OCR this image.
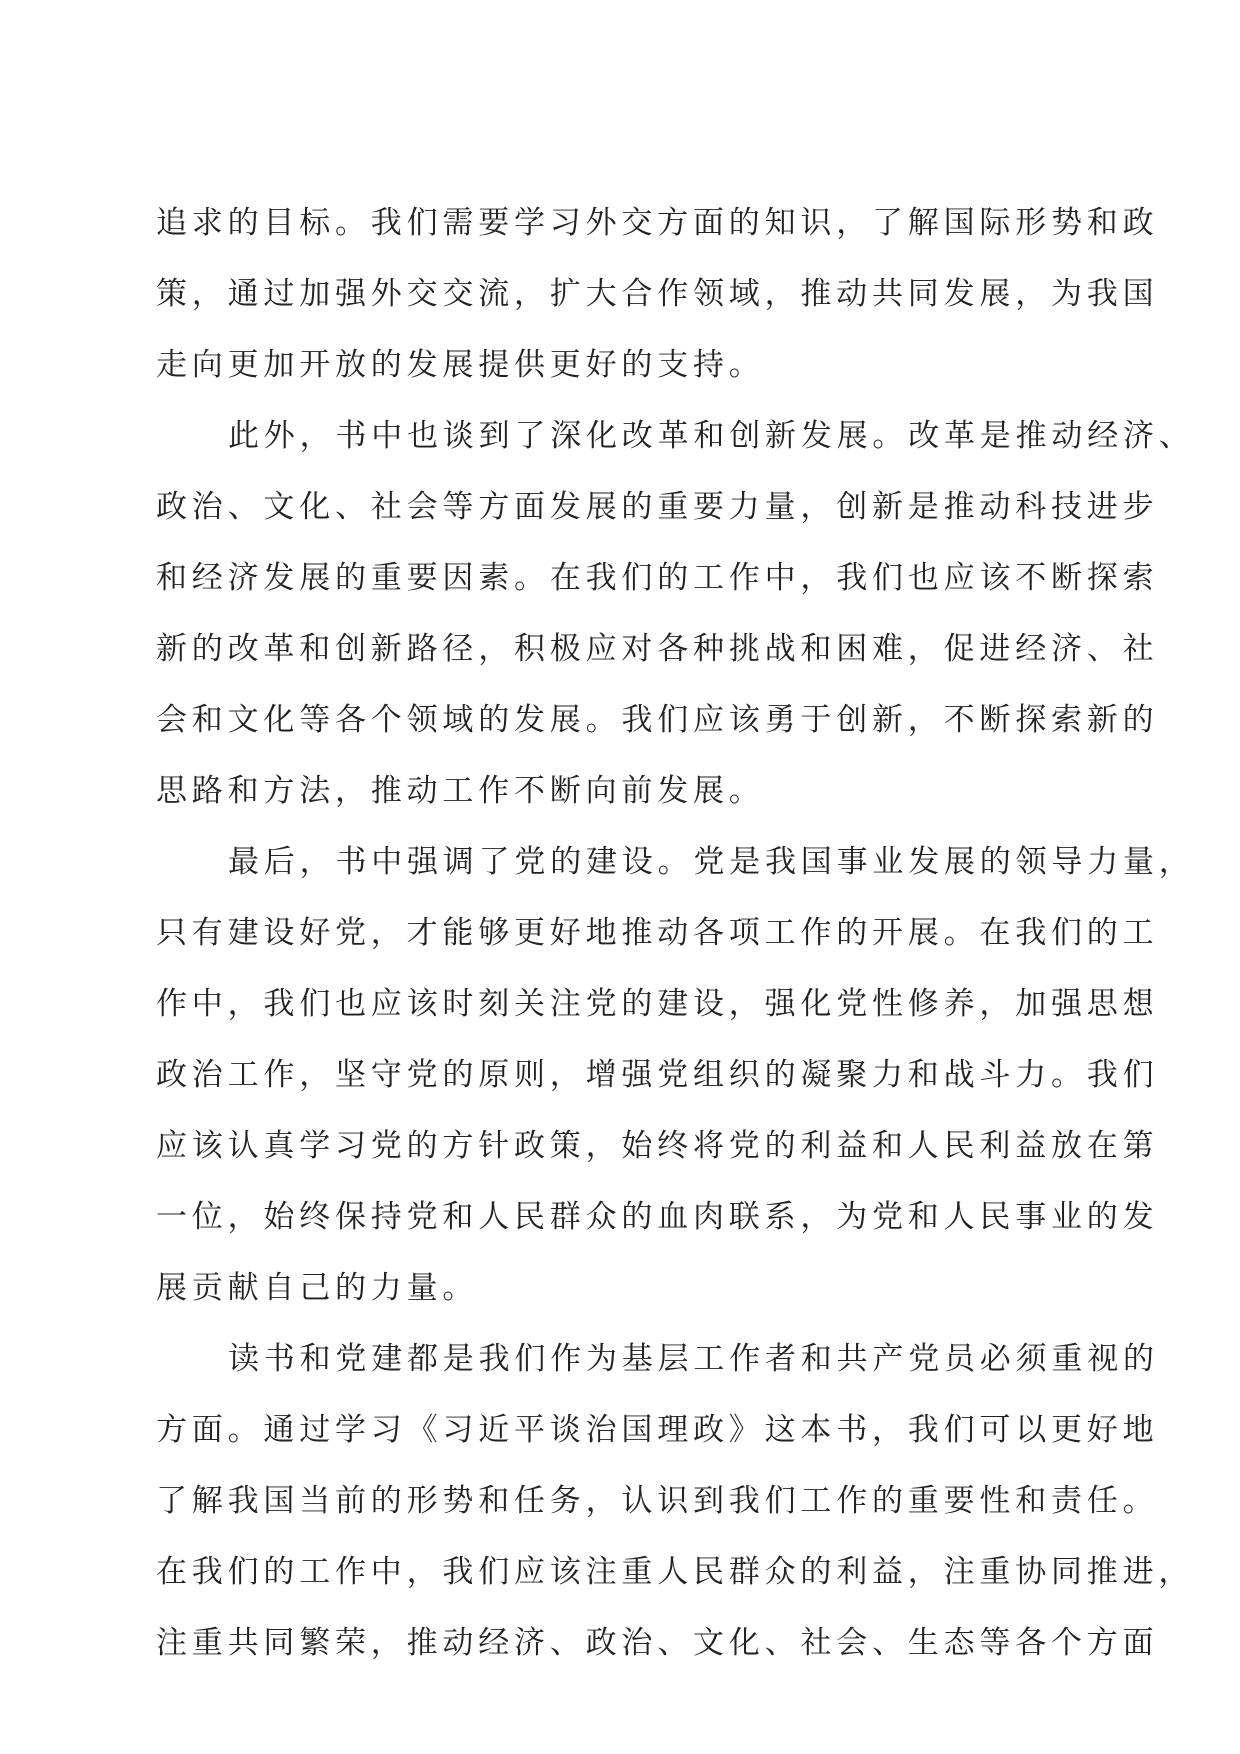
追求的目标。我们需要学习外交方面的知识，了解国际形势和政
策，通过加强外交交流，扩大合作领域，推动共同发展，为我国
走向更加开放的发展提供更好的支持。
此外，书中也谈到了深化改革和创新发展。改革是推动经济、
政治、文化、社会等方面发展的重要力量，创新是推动科技进步
和经济发展的重要因素。在我们的工作中，我们也应该不断探索
新的改革和创新路径，积极应对各种挑战和困难，促进经济、社
会和文化等各个领域的发展。我们应该勇于创新，不断探索新的
思路和方法，推动工作不断向前发展。
最后，书中强调了党的建设。党是我国事业发展的领导力量，
只有建设好党，才能够更好地推动各项工作的开展。在我们的工
作中，我们也应该时刻关注党的建设，强化党性修养，加强思想
政治工作，坚守党的原则，增强党组织的凝聚力和战斗力。我们
应该认真学习党的方针政策，始终将党的利益和人民利益放在第
一位，始终保持党和人民群众的血肉联系，为党和人民事业的发
展贡献自己的力量。
读书和党建都是我们作为基层工作者和共产党员必须重视的
方面。通过学习《习近平谈治国理政》这本书，我们可以更好地
了解我国当前的形势和任务，认识到我们工作的重要性和责任。
在我们的工作中，我们应该注重人民群众的利益，注重协同推进，
注重共同繁荣，推动经济、政治、文化、社会、生态等各个方面
